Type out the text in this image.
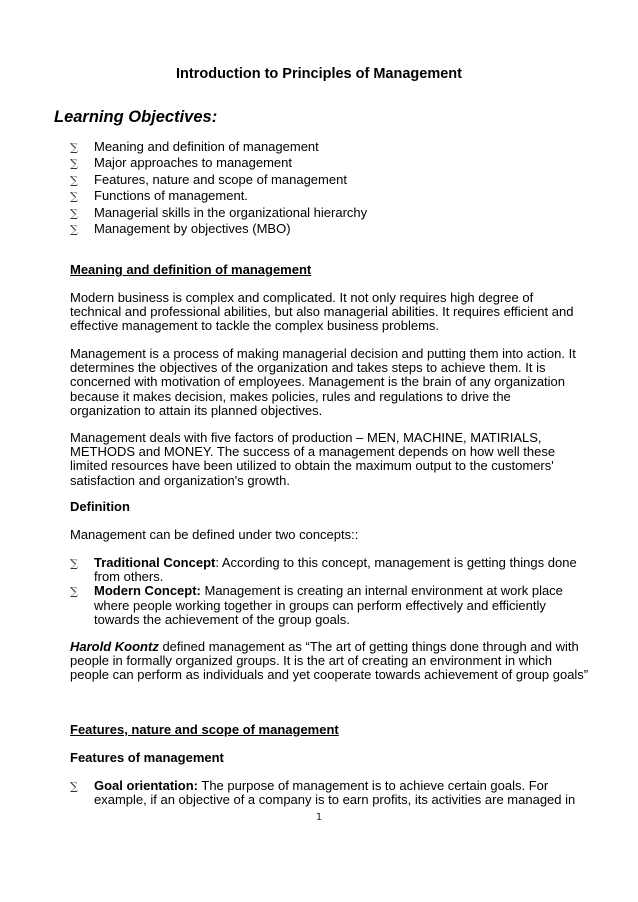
Introduction to Principles of Management
Learning Objectives:
∑ Meaning and definition of management
∑ Major approaches to management
∑ Features, nature and scope of management
∑ Functions of management.
∑ Managerial skills in the organizational hierarchy
∑ Management by objectives (MBO)
Meaning and definition of management
Modern business is complex and complicated. It not only requires high degree of technical and professional abilities, but also managerial abilities. It requires efficient and effective management to tackle the complex business problems.
Management is a process of making managerial decision and putting them into action. It determines the objectives of the organization and takes steps to achieve them. It is concerned with motivation of employees. Management is the brain of any organization because it makes decision, makes policies, rules and regulations to drive the organization to attain its planned objectives.
Management deals with five factors of production – MEN, MACHINE, MATIRIALS, METHODS and MONEY. The success of a management depends on how well these limited resources have been utilized to obtain the maximum output to the customers' satisfaction and organization's growth.
Definition
Management can be defined under two concepts::
∑ Traditional Concept: According to this concept, management is getting things done from others.
∑ Modern Concept: Management is creating an internal environment at work place where people working together in groups can perform effectively and efficiently towards the achievement of the group goals.
Harold Koontz defined management as “The art of getting things done through and with people in formally organized groups. It is the art of creating an environment in which people can perform as individuals and yet cooperate towards achievement of group goals”
Features, nature and scope of management
Features of management
∑ Goal orientation: The purpose of management is to achieve certain goals. For example, if an objective of a company is to earn profits, its activities are managed in
1
